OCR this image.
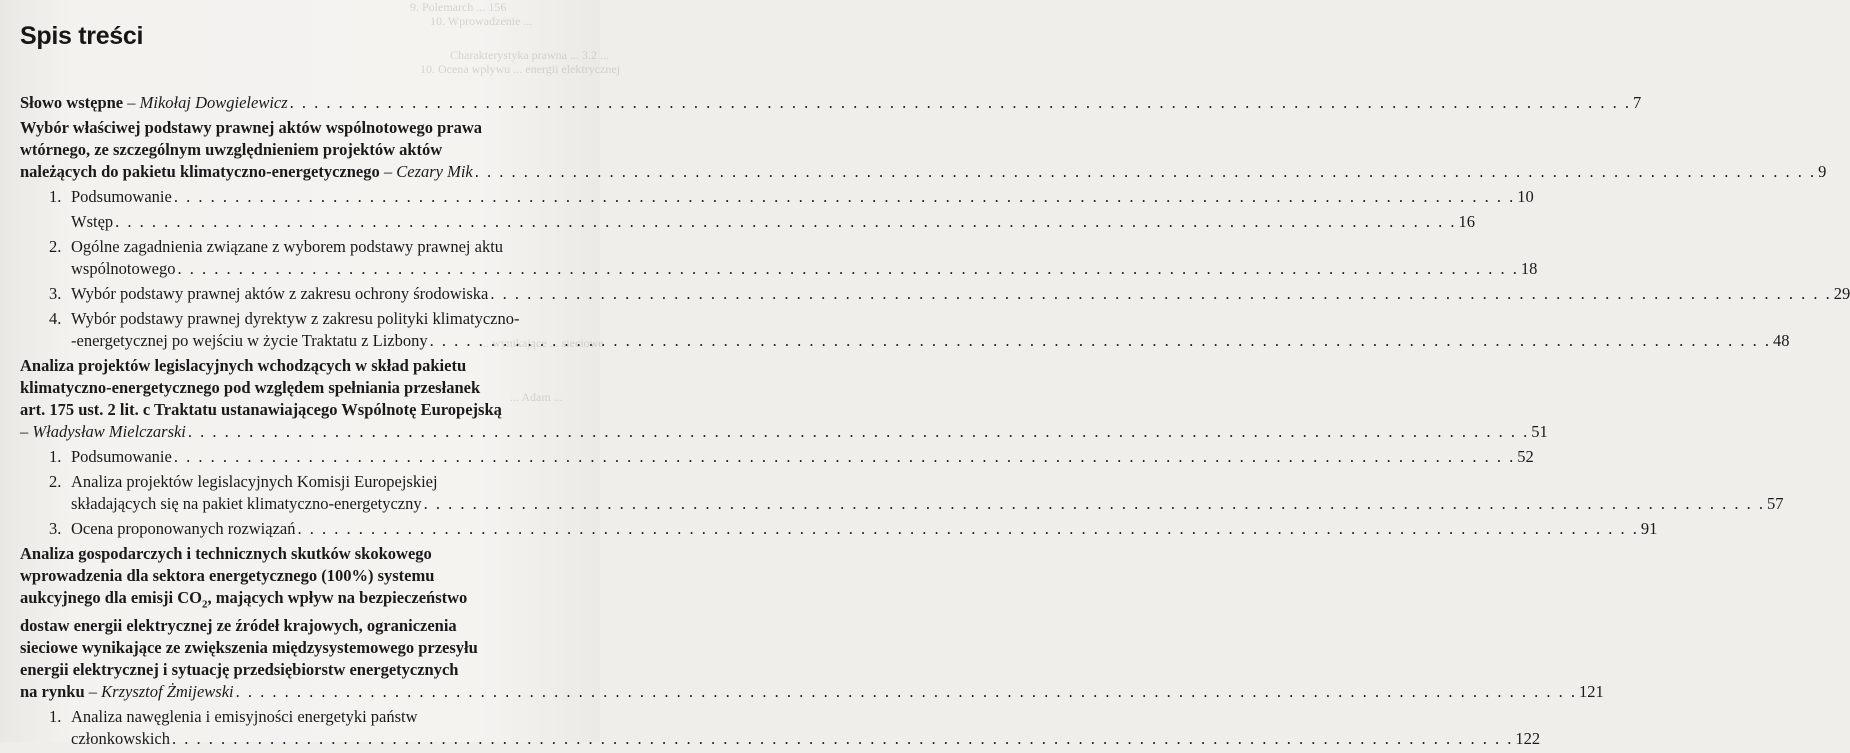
9. Polemarch ... 156
10. Wprowadzenie ...
Charakterystyka prawna ... 3.2 ...
10. Ocena wpływu ... energii elektrycznej
... wynikające ... sieciowe
... Adam ...
Spis treści
Słowo wstępne – Mikołaj Dowgielewicz . . .	7
Wybór właściwej podstawy prawnej aktów wspólnotowego prawa
wtórnego, ze szczególnym uwzględnieniem projektów aktów
należących do pakietu klimatyczno-energetycznego – Cezary Mik . . .	9
1. Podsumowanie . . .	10
Wstęp . . .	16
2. Ogólne zagadnienia związane z wyborem podstawy prawnej aktu
wspólnotowego . . .	18
3. Wybór podstawy prawnej aktów z zakresu ochrony środowiska . . .	29
4. Wybór podstawy prawnej dyrektyw z zakresu polityki klimatyczno-
-energetycznej po wejściu w życie Traktatu z Lizbony . . .	48
Analiza projektów legislacyjnych wchodzących w skład pakietu
klimatyczno-energetycznego pod względem spełniania przesłanek
art. 175 ust. 2 lit. c Traktatu ustanawiającego Wspólnotę Europejską
– Władysław Mielczarski . . .	51
1. Podsumowanie . . .	52
2. Analiza projektów legislacyjnych Komisji Europejskiej
składających się na pakiet klimatyczno-energetyczny . . .	57
3. Ocena proponowanych rozwiązań . . .	91
Analiza gospodarczych i technicznych skutków skokowego
wprowadzenia dla sektora energetycznego (100%) systemu
aukcyjnego dla emisji $CO_2$, mających wpływ na bezpieczeństwo
dostaw energii elektrycznej ze źródeł krajowych, ograniczenia
sieciowe wynikające ze zwiększenia międzysystemowego przesyłu
energii elektrycznej i sytuację przedsiębiorstw energetycznych
na rynku – Krzysztof Żmijewski . . .	121
1. Analiza nawęglenia i emisyjności energetyki państw
członkowskich . . .	122
